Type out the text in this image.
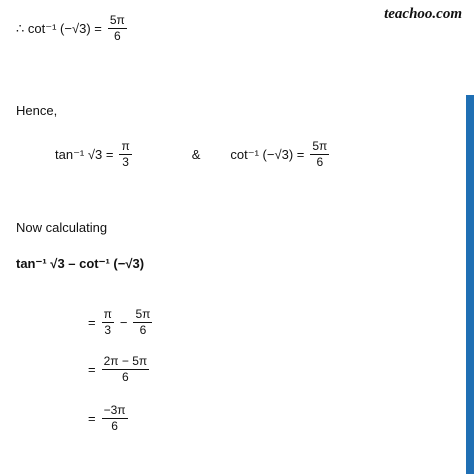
teachoo.com
∴ cot⁻¹ $(-√3) = \frac{5\pi}{6}$
Hence,
tan⁻¹ $√3 = \frac{\pi}{3}$	& cot⁻¹ $(-√3) = \frac{5\pi}{6}$
Now calculating
tan⁻¹ √3 – cot⁻¹ (−√3)
= $\frac{\pi}{3} - \frac{5\pi}{6}$
= $\frac{2\pi - 5\pi}{6}$
= $\frac{-3\pi}{6}$
